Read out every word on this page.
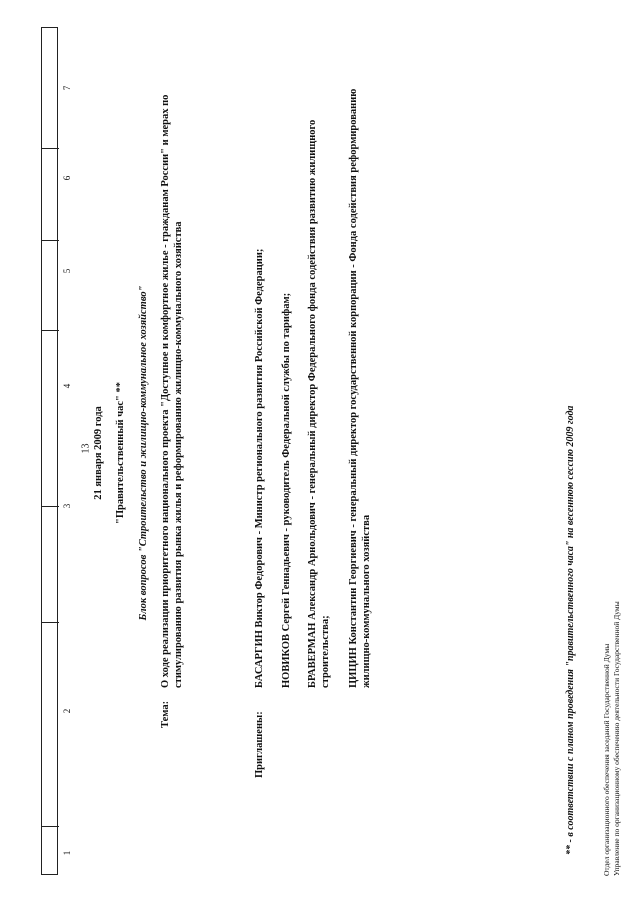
1
2
3
4
5
6
7
13 21 января 2009 года "Правительственный час" ** Блок вопросов "Строительство и жилищно-коммунальное хозяйство"
Тема:
О ходе реализации приоритетного национального проекта "Доступное и комфортное жилье - гражданам России" и мерах по стимулированию развития рынка жилья и реформированию жилищно-коммунального хозяйства
Приглашены:
БАСАРГИН Виктор Федорович - Министр регионального развития Российской Федерации; НОВИКОВ Сергей Геннадьевич - руководитель Федеральной службы по тарифам; БРАВЕРМАН Александр Арнольдович - генеральный директор Федерального фонда содействия развитию жилищного строительства; ЦИЦИН Константин Георгиевич - генеральный директор государственной корпорации - Фонда содействия реформированию жилищно-коммунального хозяйства	** - в соответствии с планом проведения "правительственного часа" на весеннюю сессию 2009 года	Отдел организационного обеспечения заседаний Государственной Думы Управление по организационному обеспечению деятельности Государственной Думы
